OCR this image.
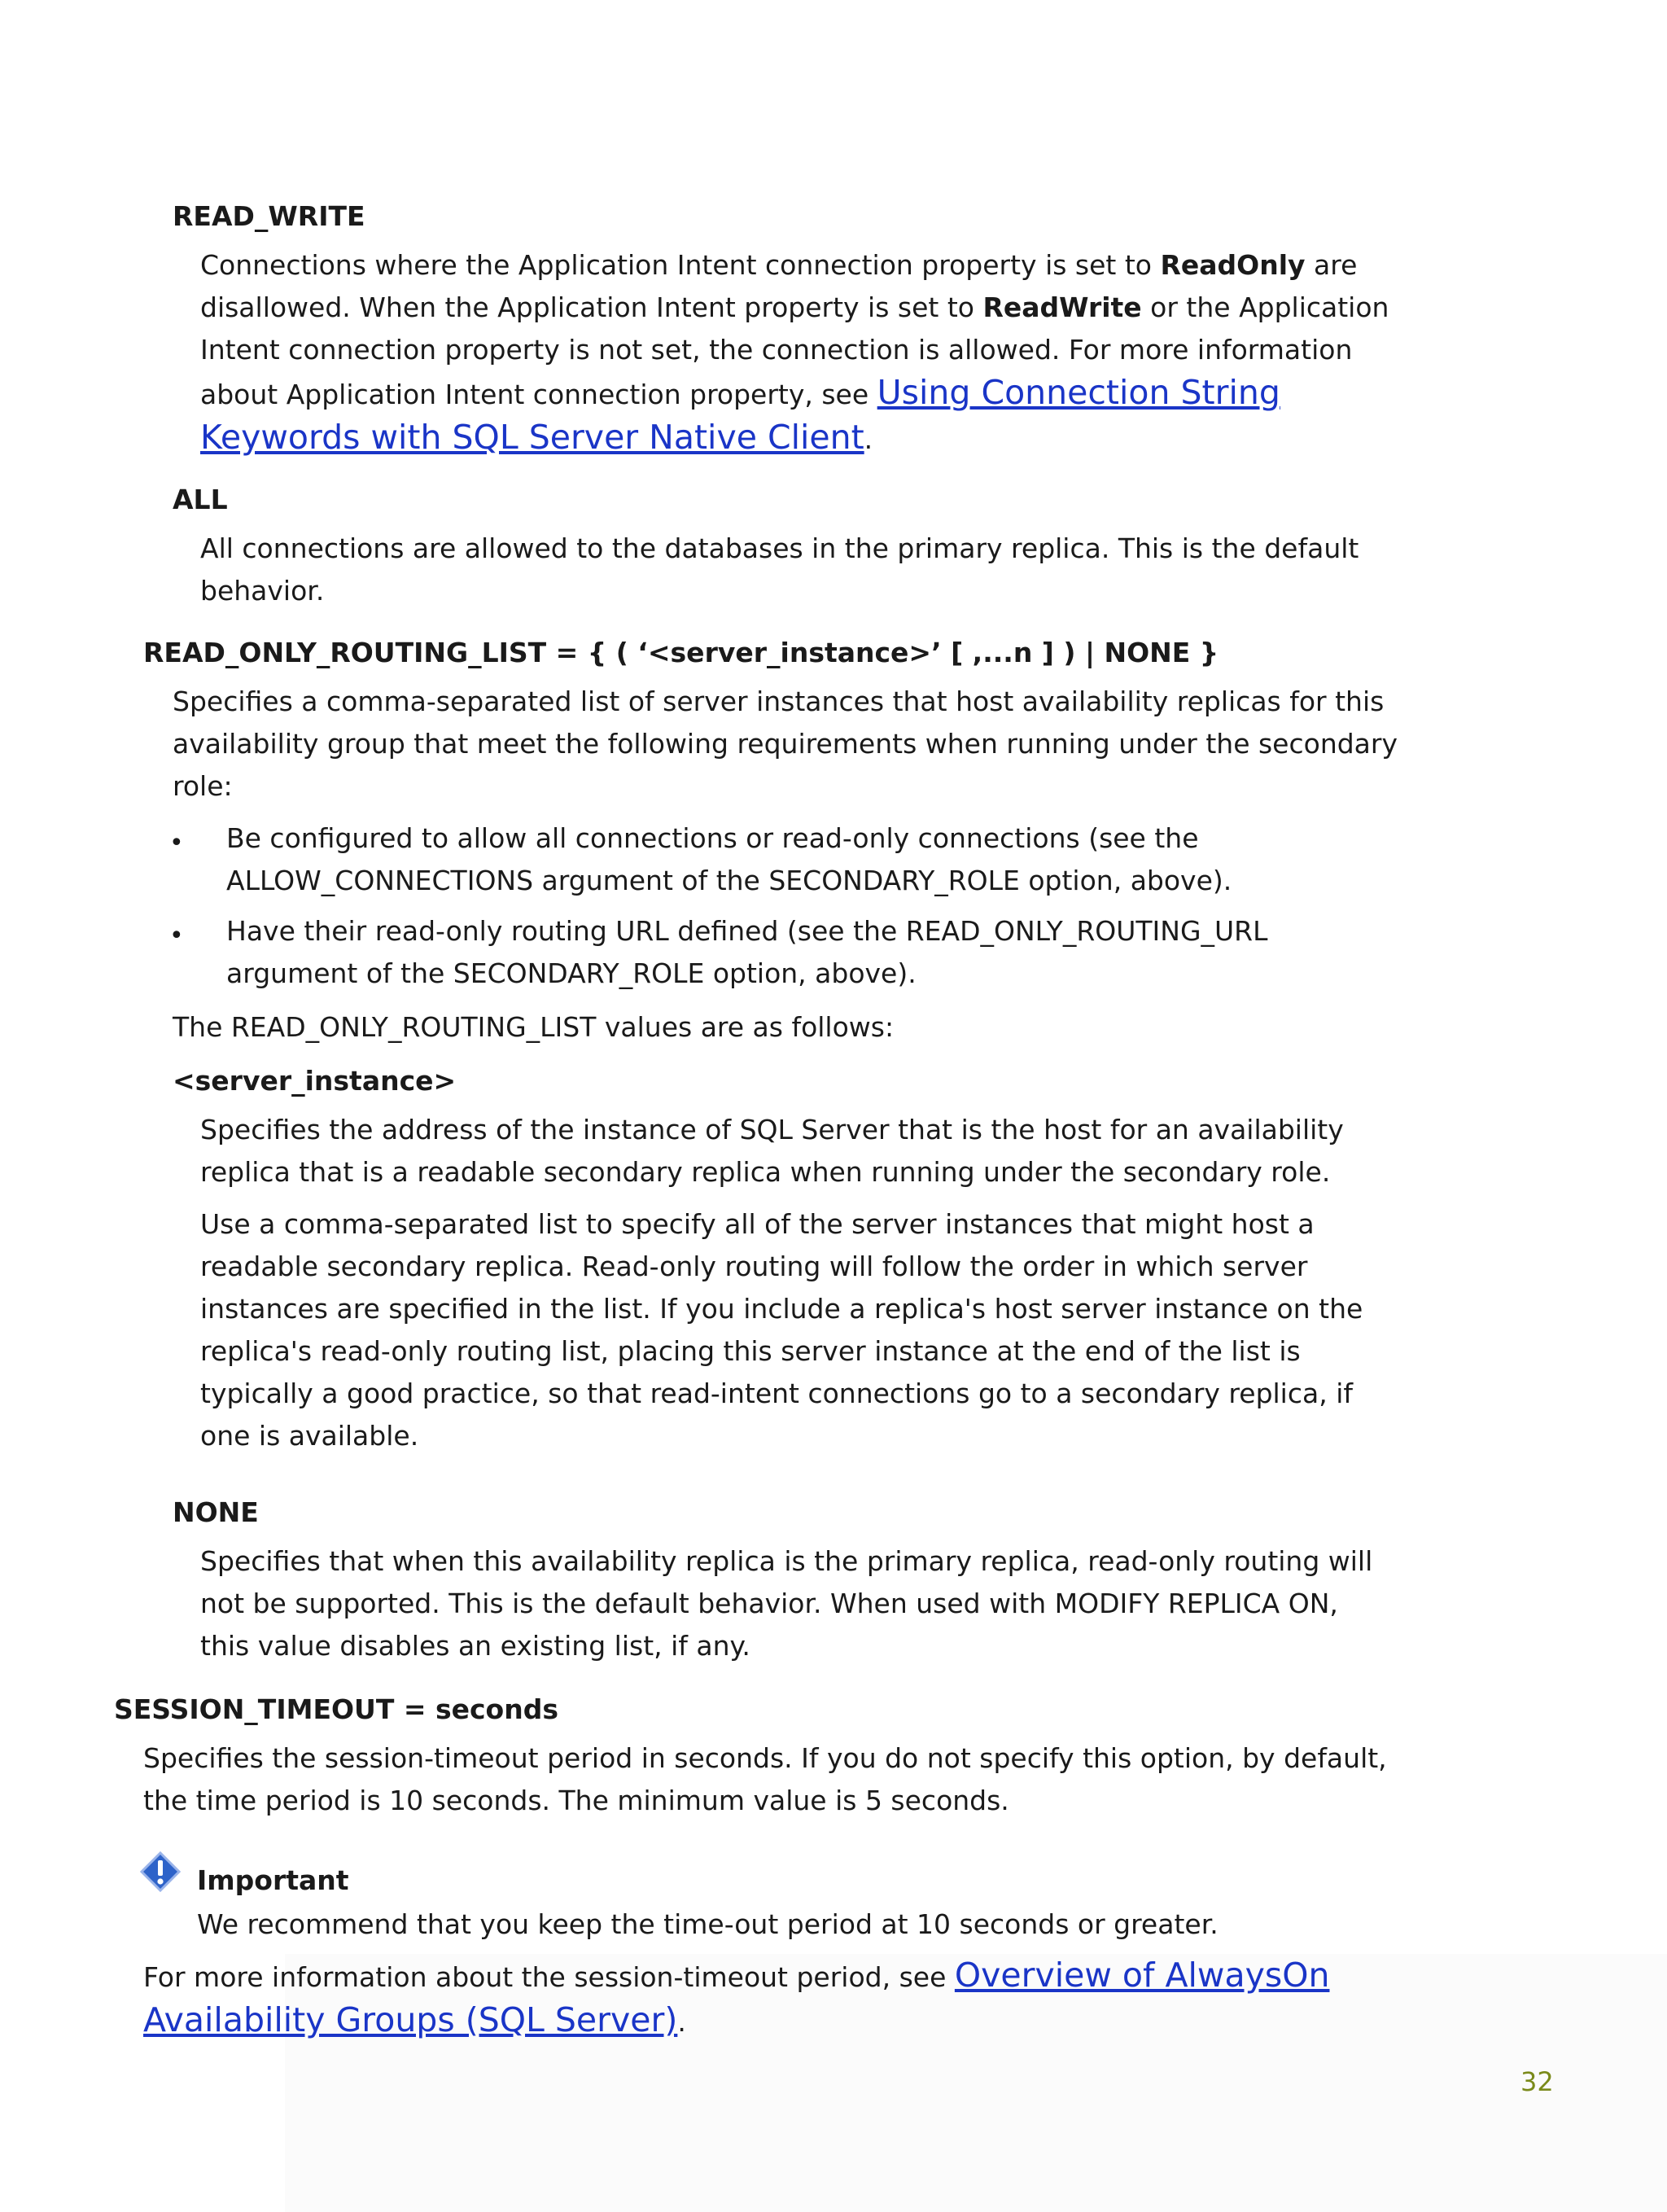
READ_WRITE
Connections where the Application Intent connection property is set to ReadOnly are
disallowed. When the Application Intent property is set to ReadWrite or the Application
Intent connection property is not set, the connection is allowed. For more information
about Application Intent connection property, see Using Connection String
Keywords with SQL Server Native Client.
ALL
All connections are allowed to the databases in the primary replica. This is the default
behavior.
READ_ONLY_ROUTING_LIST = { ( ‘<server_instance>’ [ ,...n ] ) | NONE }
Specifies a comma-separated list of server instances that host availability replicas for this
availability group that meet the following requirements when running under the secondary
role:
• Be configured to allow all connections or read-only connections (see the
ALLOW_CONNECTIONS argument of the SECONDARY_ROLE option, above).
• Have their read-only routing URL defined (see the READ_ONLY_ROUTING_URL
argument of the SECONDARY_ROLE option, above).
The READ_ONLY_ROUTING_LIST values are as follows:
<server_instance>
Specifies the address of the instance of SQL Server that is the host for an availability
replica that is a readable secondary replica when running under the secondary role.
Use a comma-separated list to specify all of the server instances that might host a
readable secondary replica. Read-only routing will follow the order in which server
instances are specified in the list. If you include a replica's host server instance on the
replica's read-only routing list, placing this server instance at the end of the list is
typically a good practice, so that read-intent connections go to a secondary replica, if
one is available.
NONE
Specifies that when this availability replica is the primary replica, read-only routing will
not be supported. This is the default behavior. When used with MODIFY REPLICA ON,
this value disables an existing list, if any.
SESSION_TIMEOUT = seconds
Specifies the session-timeout period in seconds. If you do not specify this option, by default,
the time period is 10 seconds. The minimum value is 5 seconds.
Important
We recommend that you keep the time-out period at 10 seconds or greater.
For more information about the session-timeout period, see Overview of AlwaysOn
Availability Groups (SQL Server).
32
